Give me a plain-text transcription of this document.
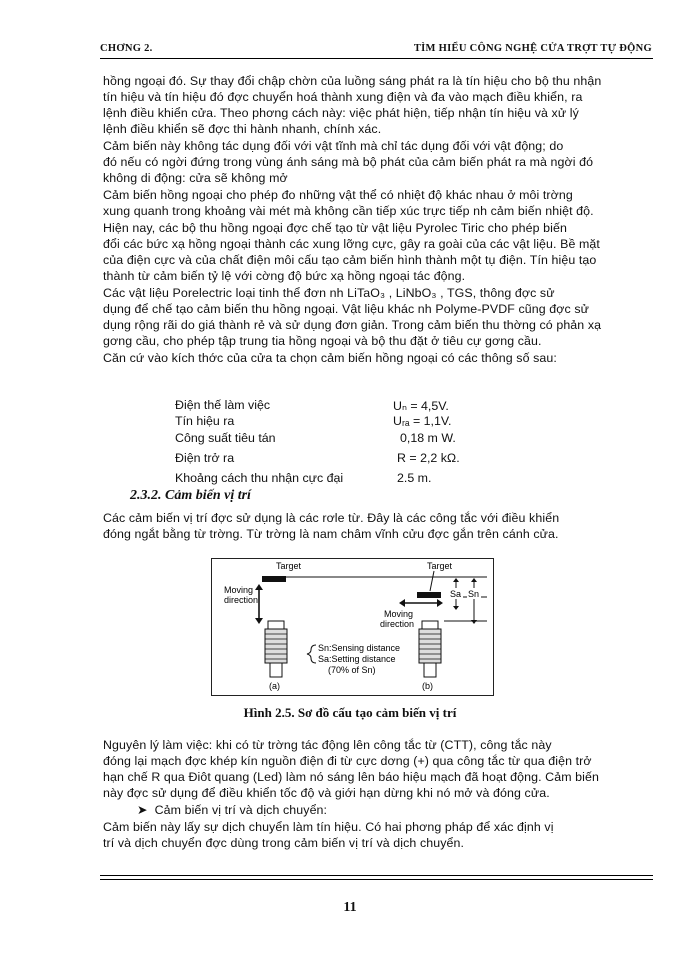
CHƠNG 2.	TÌM HIỂU CÔNG NGHỆ CỬA TRỢT TỰ ĐỘNG
hồng ngoại đó. Sự thay đổi chập chờn của luồng sáng phát ra là tín hiệu cho bộ thu nhận
tín hiệu và tín hiệu đó đợc chuyển hoá thành xung điện và đa vào mạch điều khiển, ra
lệnh điều khiển cửa. Theo phơng cách này: việc phát hiện, tiếp nhận tín hiệu và xử lý
lệnh điều khiển sẽ đợc thi hành nhanh, chính xác.
Cảm biến này không tác dụng đối với vật tĩnh mà chỉ tác dụng đối với vật động; do
đó nếu có ngời đứng trong vùng ánh sáng mà bộ phát của cảm biến phát ra mà ngời đó
không di động: cửa sẽ không mở
Cảm biến hồng ngoại cho phép đo những vật thể có nhiệt độ khác nhau ở môi trờng
xung quanh trong khoảng vài mét mà không cần tiếp xúc trực tiếp nh cảm biến nhiệt độ.
Hiện nay, các bộ thu hồng ngoại đợc chế tạo từ vật liệu Pyrolec Tiric cho phép biến
đổi các bức xạ hồng ngoại thành các xung lỡng cực, gây ra goài của các vật liệu. Bề mặt
của điện cực và của chất điện môi cấu tạo cảm biến hình thành một tụ điện. Tín hiệu tạo
thành từ cảm biến tỷ lệ với cờng độ bức xạ hồng ngoại tác động.
Các vật liệu Porelectric loại tinh thể đơn nh LiTaO₃ , LiNbO₃ , TGS, thông đợc sử
dụng để chế tạo cảm biến thu hồng ngoại. Vật liệu khác nh Polyme-PVDF cũng đợc sử
dụng rộng rãi do giá thành rẻ và sử dụng đơn giản. Trong cảm biến thu thờng có phản xạ
gơng cầu, cho phép tập trung tia hồng ngoại và bộ thu đặt ở tiêu cự gơng cầu.
Căn cứ vào kích thớc của cửa ta chọn cảm biến hồng ngoại có các thông số sau:
Điện thế làm việc	Uₙ = 4,5V.
Tín hiệu ra	Uᵣₐ = 1,1V.
Công suất tiêu tán	0,18 m W.
Điện trở ra	R = 2,2 kΩ.
Khoảng cách thu nhận cực đại	2.5 m.
2.3.2. Cảm biến vị trí
Các cảm biến vị trí đợc sử dụng là các rơle từ. Đây là các công tắc với điều khiển
đóng ngắt bằng từ trờng. Từ trờng là nam châm vĩnh cửu đợc gắn trên cánh cửa.
Target
Moving
direction
(a)
Target
Moving
direction
Sa Sn
(b)
Sn:Sensing distance
Sa:Setting distance
(70% of Sn)
Hình 2.5. Sơ đồ cấu tạo cảm biến vị trí
Nguyên lý làm việc: khi có từ trờng tác động lên công tắc từ (CTT), công tắc này
đóng lại mạch đợc khép kín nguồn điện đi từ cực dơng (+) qua công tắc từ qua điện trở
hạn chế R qua Điôt quang (Led) làm nó sáng lên báo hiệu mạch đã hoạt động. Cảm biến
này đợc sử dụng để điều khiển tốc độ và giới hạn dừng khi nó mở và đóng cửa.
➤  Cảm biến vị trí và dịch chuyển:
Cảm biến này lấy sự dịch chuyển làm tín hiệu. Có hai phơng pháp để xác định vị
trí và dịch chuyển đợc dùng trong cảm biến vị trí và dịch chuyển.
11
